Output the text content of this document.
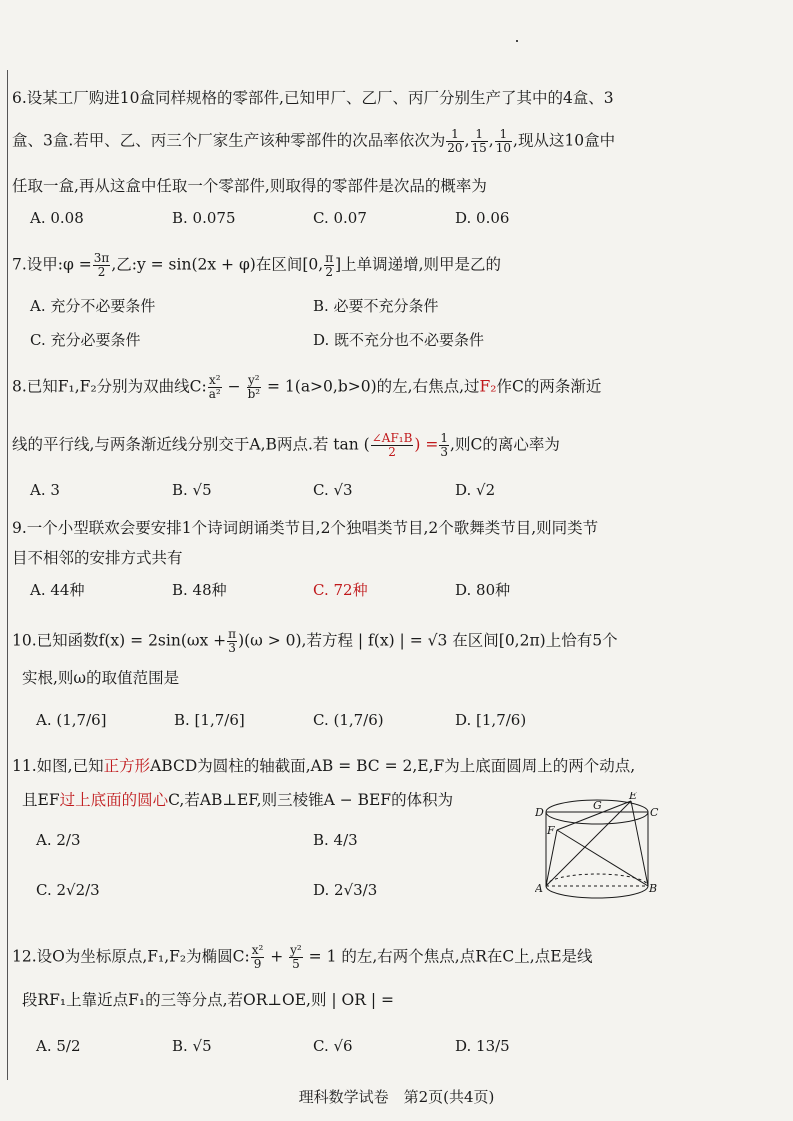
6.设某工厂购进10盒同样规格的零部件,已知甲厂、乙厂、丙厂分别生产了其中的4盒、3
盒、3盒.若甲、乙、丙三个厂家生产该种零部件的次品率依次为 $\frac{1}{20}$ , $\frac{1}{15}$ , $\frac{1}{10}$ ,现从这10盒中
任取一盒,再从这盒中任取一个零部件,则取得的零部件是次品的概率为
A. 0.08	B. 0.075	C. 0.07	D. 0.06
7.设甲:φ = $\frac{3\pi}{2}$ ,乙:y = sin(2x + φ)在区间[0, $\frac{\pi}{2}$ ]上单调递增,则甲是乙的
A. 充分不必要条件	B. 必要不充分条件
C. 充分必要条件	D. 既不充分也不必要条件
8.已知F₁,F₂分别为双曲线C: $\frac{\text{x²}}{\text{a²}} - \frac{\text{y²}}{\text{b²}} = 1(a>0,b>0)$的左,右焦点,过F₂作C的两条渐近
线的平行线,与两条渐近线分别交于A,B两点.若 tan ( $\frac{\text{∠AF₁B}}{2}$ ) = $\frac{1}{3}$ ,则C的离心率为
A. 3	B. √5	C. √3	D. √2
9.一个小型联欢会要安排1个诗词朗诵类节目,2个独唱类节目,2个歌舞类节目,则同类节
目不相邻的安排方式共有
A. 44种	B. 48种	C. 72种	D. 80种
10.已知函数$f(x) = 2\sin(\omega x + \frac{\pi}{3} )(\omega > 0)$,若方程 | f(x) | = √3 在区间[0,2π)上恰有5个
实根,则ω的取值范围是
A. (1,7/6]	B. [1,7/6]	C. (1,7/6)	D. [1,7/6)
11.如图,已知正方形ABCD为圆柱的轴截面,AB = BC = 2,E,F为上底面圆周上的两个动点,
且EF过上底面的圆心C,若AB⊥EF,则三棱锥A − BEF的体积为
A. 2/3	B. 4/3
C. 2√2/3	D. 2√3/3
D
G
E
C
F
A	B
12.设O为坐标原点,F₁,F₂为椭圆C: $\frac{\text{x²}}{9} + \frac{\text{y²}}{5} = 1$ 的左,右两个焦点,点R在C上,点E是线
段RF₁上靠近点F₁的三等分点,若OR⊥OE,则 | OR | =
A. 5/2	B. √5	C. √6	D. 13/5
理科数学试卷　第2页(共4页)
